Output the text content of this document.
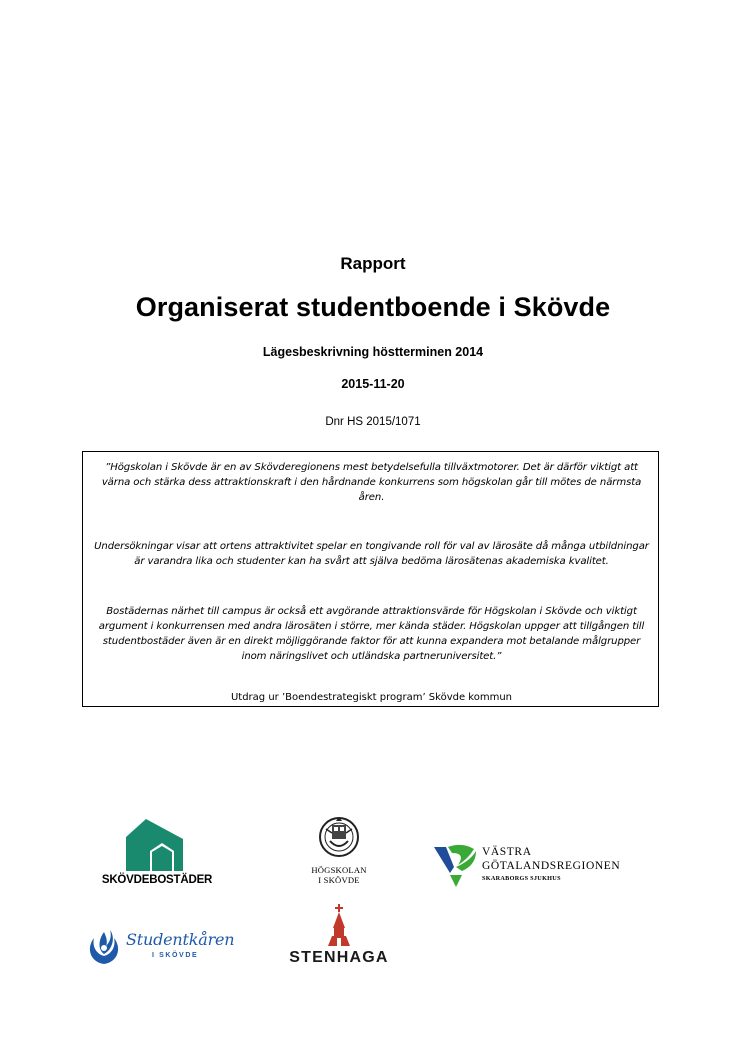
Rapport
Organiserat studentboende i Skövde
Lägesbeskrivning höstterminen 2014
2015-11-20
Dnr HS 2015/1071

”Högskolan i Skövde är en av Skövderegionens mest betydelsefulla tillväxtmotorer. Det är därför viktigt att värna och stärka dess attraktionskraft i den hårdnande konkurrens som högskolan går till mötes de närmsta åren.

Undersökningar visar att ortens attraktivitet spelar en tongivande roll för val av lärosäte då många utbildningar är varandra lika och studenter kan ha svårt att själva bedöma lärosätenas akademiska kvalitet.

Bostädernas närhet till campus är också ett avgörande attraktionsvärde för Högskolan i Skövde och viktigt argument i konkurrensen med andra lärosäten i större, mer kända städer. Högskolan uppger att tillgången till studentbostäder även är en direkt möjliggörande faktor för att kunna expandera mot betalande målgrupper inom näringslivet och utländska partneruniversitet.”

Utdrag ur ’Boendestrategiskt program’ Skövde kommun

SKÖVDEBOSTÄDER
HÖGSKOLAN
I SKÖVDE
VÄSTRA
GÖTALANDSREGIONEN
SKARABORGS SJUKHUS
Studentkåren
I SKÖVDE	STENHAGA
